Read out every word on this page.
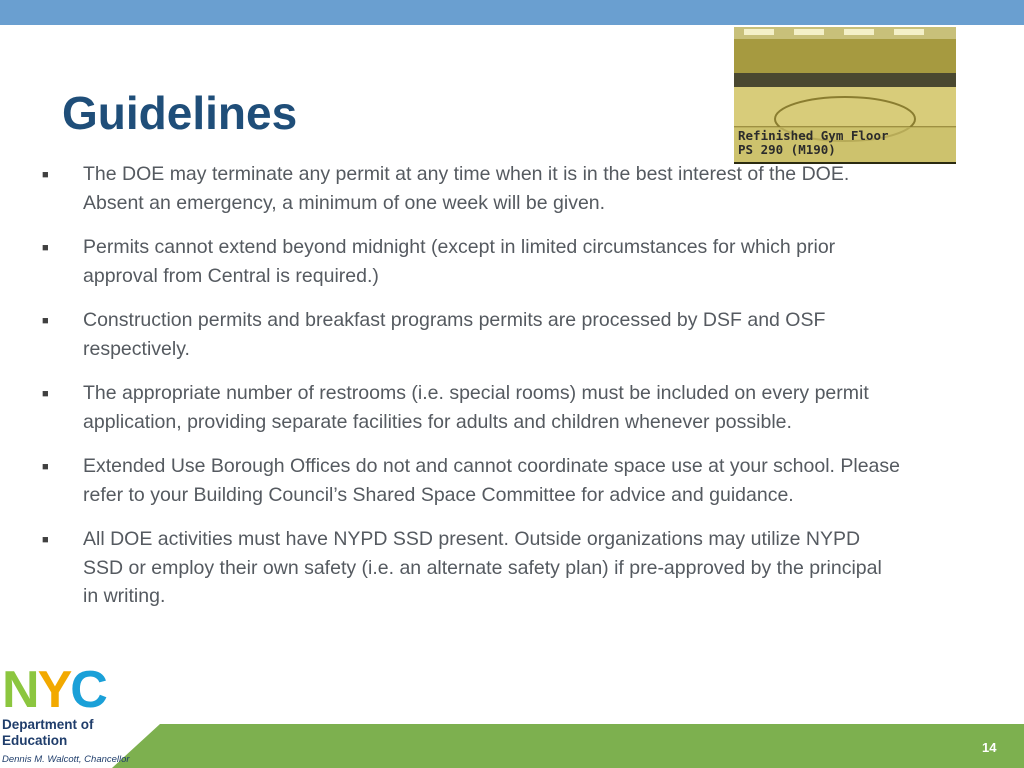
Guidelines	Refinished Gym Floor
PS 290 (M190)
■ The DOE may terminate any permit at any time when it is in the best interest of the DOE. Absent an emergency, a minimum of one week will be given.
■ Permits cannot extend beyond midnight (except in limited circumstances for which prior approval from Central is required.)
■ Construction permits and breakfast programs permits are processed by DSF and OSF respectively.
■ The appropriate number of restrooms (i.e. special rooms) must be included on every permit application, providing separate facilities for adults and children whenever possible.
■ Extended Use Borough Offices do not and cannot coordinate space use at your school. Please refer to your Building Council’s Shared Space Committee for advice and guidance.
■ All DOE activities must have NYPD SSD present. Outside organizations may utilize NYPD SSD or employ their own safety (i.e. an alternate safety plan) if pre-approved by the principal in writing.
NYC
Department of
Education
Dennis M. Walcott, Chancellor
14
